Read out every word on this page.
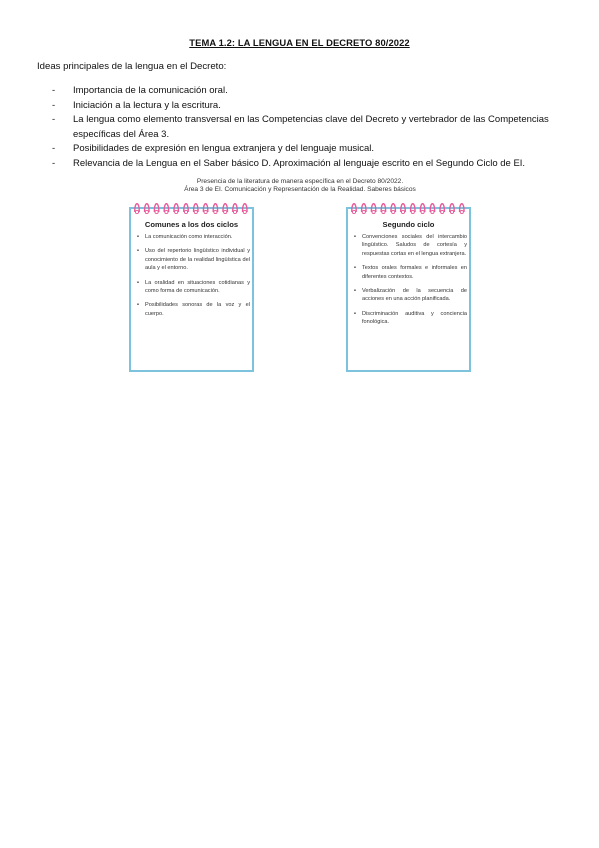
TEMA 1.2: LA LENGUA EN EL DECRETO 80/2022
Ideas principales de la lengua en el Decreto:
- Importancia de la comunicación oral.
- Iniciación a la lectura y la escritura.
- La lengua como elemento transversal en las Competencias clave del Decreto y vertebrador de las Competencias específicas del Área 3.
- Posibilidades de expresión en lengua extranjera y del lenguaje musical.
- Relevancia de la Lengua en el Saber básico D. Aproximación al lenguaje escrito en el Segundo Ciclo de EI.
Presencia de la literatura de manera específica en el Decreto 80/2022.
Área 3 de EI. Comunicación y Representación de la Realidad. Saberes básicos
Comunes a los dos ciclos
• La comunicación como interacción.
• Uso del repertorio lingüístico individual y conocimiento de la realidad lingüística del aula y el entorno.
• La oralidad en situaciones cotidianas y como forma de comunicación.
• Posibilidades sonoras de la voz y el cuerpo.
Segundo ciclo
• Convenciones sociales del intercambio lingüístico. Saludos de cortesía y respuestas cortas en el lengua extranjera.
• Textos orales formales e informales en diferentes contextos.
• Verbalización de la secuencia de acciones en una acción planificada.
• Discriminación auditiva y conciencia fonológica.
